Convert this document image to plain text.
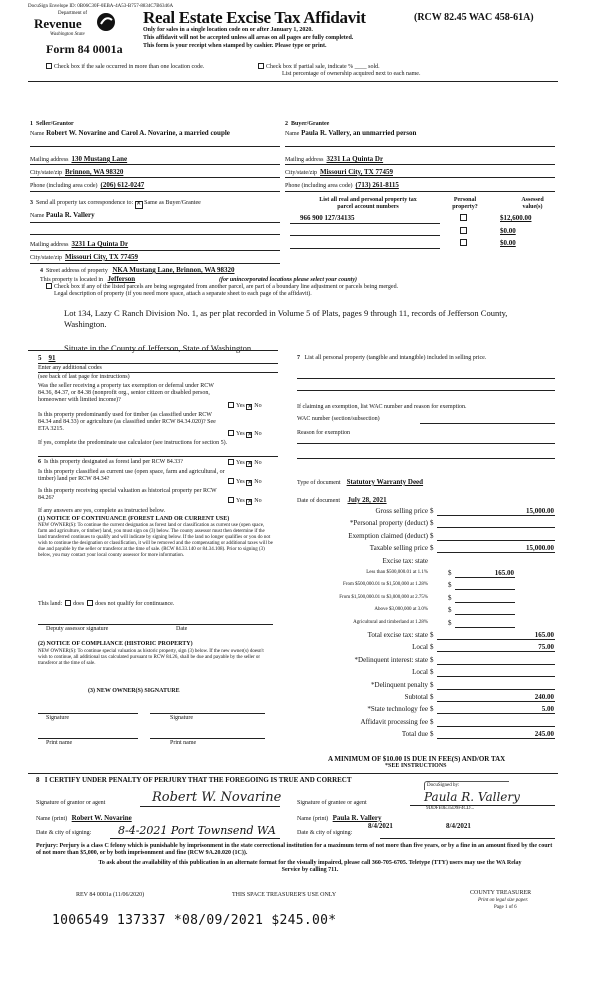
DocuSign Envelope ID: 0B06C30F-0EBA-4A53-B757-8834C7B6346A
Department of
Revenue
Washington State
Form 84 0001a
Real Estate Excise Tax Affidavit	(RCW 82.45 WAC 458-61A)
Only for sales in a single location code on or after January 1, 2020.
This affidavit will not be accepted unless all areas on all pages are fully completed.
This form is your receipt when stamped by cashier. Please type or print.
Check box if the sale occurred in more than one location code.	Check box if partial sale, indicate % ____ sold.
List percentage of ownership acquired next to each name.
1 Seller/Grantor
Name Robert W. Novarine and Carol A. Novarine, a married couple
Mailing address 130 Mustang Lane
City/state/zip Brinnon, WA 98320
Phone (including area code) (206) 612-0247
2 Buyer/Grantee
Name Paula R. Vallery, an unmarried person
Mailing address 3231 La Quinta Dr
City/state/zip Missouri City, TX 77459
Phone (including area code) (713) 261-8115
3 Send all property tax correspondence to: ✕ Same as Buyer/Grantee
Name Paula R. Vallery
Mailing address 3231 La Quinta Dr
City/state/zip Missouri City, TX 77459
List all real and personal property tax
parcel account numbers
Personal
property?
Assessed
value(s)
966 900 127/34135	$12,600.00
$0.00
$0.00
4 Street address of property NKA Mustang Lane, Brinnon, WA 98320
This property is located in Jefferson	(for unincorporated locations please select your county)
Check box if any of the listed parcels are being segregated from another parcel, are part of a boundary line adjustment or parcels being merged.
Legal description of property (if you need more space, attach a separate sheet to each page of the affidavit).
Lot 134, Lazy C Ranch Division No. 1, as per plat recorded in Volume 5 of Plats, pages 9 through 11, records of Jefferson County, Washington.
Situate in the County of Jefferson, State of Washington.
5 91
Enter any additional codes
(see back of last page for instructions)
Was the seller receiving a property tax exemption or deferral under RCW 84.36, 84.37, or 84.38 (nonprofit org., senior citizen or disabled person, homeowner with limited income)?
Yes ✕ No
Is this property predominantly used for timber (as classified under RCW 84.34 and 84.33) or agriculture (as classified under RCW 84.34.020)? See ETA 3215.
Yes ✕ No
If yes, complete the predominate use calculator (see instructions for section 5).
6 Is this property designated as forest land per RCW 84.33?	Yes ✕ No
Is this property classified as current use (open space, farm and agricultural, or timber) land per RCW 84.34?	Yes ✕ No
Is this property receiving special valuation as historical property per RCW 84.26?	Yes ✕ No
If any answers are yes, complete as instructed below.
(1) NOTICE OF CONTINUANCE (FOREST LAND OR CURRENT USE)
NEW OWNER(S): To continue the current designation as forest land or classification as current use (open space, farm and agriculture, or timber) land, you must sign on (3) below. The county assessor must then determine if the land transferred continues to qualify and will indicate by signing below. If the land no longer qualifies or you do not wish to continue the designation or classification, it will be removed and the compensating or additional taxes will be due and payable by the seller or transferor at the time of sale. (RCW 84.33.140 or 84.34.108). Prior to signing (3) below, you may contact your local county assessor for more information.
This land: does does not qualify for continuance.
Deputy assessor signature	Date
(2) NOTICE OF COMPLIANCE (HISTORIC PROPERTY)
NEW OWNER(S): To continue special valuation as historic property, sign (3) below. If the new owner(s) doesn't wish to continue, all additional tax calculated pursuant to RCW 84.26, shall be due and payable by the seller or transferor at the time of sale.
(3) NEW OWNER(S) SIGNATURE
Signature	Signature
Print name	Print name
7 List all personal property (tangible and intangible) included in selling price.
If claiming an exemption, list WAC number and reason for exemption.
WAC number (section/subsection)
Reason for exemption
Type of document Statutory Warranty Deed
Date of document July 28, 2021
Gross selling price $	15,000.00
*Personal property (deduct) $
Exemption claimed (deduct) $
Taxable selling price $	15,000.00
Excise tax: state
Less than $500,000.01 at 1.1%	$	165.00
From $500,000.01 to $1,500,000 at 1.28%	$
From $1,500,000.01 to $3,000,000 at 2.75%	$
Above $3,000,000 at 3.0%	$
Agricultural and timberland at 1.28%	$
Total excise tax: state $	165.00
Local $	75.00
*Delinquent interest: state $
Local $
*Delinquent penalty $
Subtotal $	240.00
*State technology fee $	5.00
Affidavit processing fee $
Total due $	245.00
A MINIMUM OF $10.00 IS DUE IN FEE(S) AND/OR TAX
*SEE INSTRUCTIONS
8 I CERTIFY UNDER PENALTY OF PERJURY THAT THE FOREGOING IS TRUE AND CORRECT
Signature of grantor or agent	Robert W. Novarine
Name (print) Robert W. Novarine
Date & city of signing: 8-4-2021 Port Townsend WA
DocuSigned by:
Signature of grantee or agent	Paula R. Vallery
9DDFE0E35D9F4CD...
Name (print) Paula R. Vallery
8/4/2021
Date & city of signing:
8/4/2021
Perjury: Perjury is a class C felony which is punishable by imprisonment in the state correctional institution for a maximum term of not more than five years, or by a fine in an amount fixed by the court of not more than $5,000, or by both imprisonment and fine (RCW 9A.20.020 (1C)).
To ask about the availability of this publication in an alternate format for the visually impaired, please call 360-705-6705. Teletype (TTY) users may use the WA Relay Service by calling 711.
REV 84 0001a (11/06/2020)	THIS SPACE TREASURER'S USE ONLY	COUNTY TREASURER
Print on legal size paper.
Page 1 of 6
1006549 137337 *08/09/2021 $245.00*
